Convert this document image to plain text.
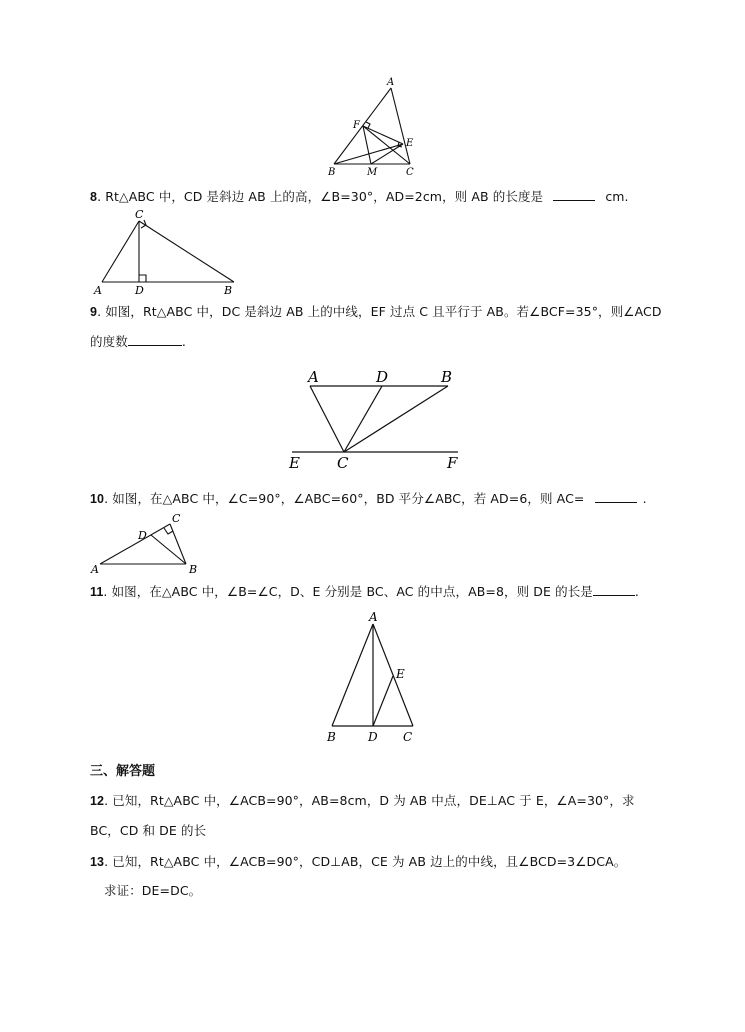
A
F
E
B	M	C
8. Rt△ABC 中，CD 是斜边 AB 上的高，∠B=30°，AD=2cm，则 AB 的长度是	cm.
C
A	D	B
9. 如图，Rt△ABC 中，DC 是斜边 AB 上的中线，EF 过点 C 且平行于 AB。若∠BCF=35°，则∠ACD
的度数	.
A	D	B
E C	F
10. 如图，在△ABC 中，∠C=90°，∠ABC=60°，BD 平分∠ABC，若 AD=6，则 AC=	.
C
D
A	B
11. 如图，在△ABC 中，∠B=∠C，D、E 分别是 BC、AC 的中点，AB=8，则 DE 的长是	.
A
E
B	D C
三、解答题
12. 已知，Rt△ABC 中，∠ACB=90°，AB=8cm，D 为 AB 中点，DE⊥AC 于 E，∠A=30°，求
BC，CD 和 DE 的长
13. 已知，Rt△ABC 中，∠ACB=90°，CD⊥AB，CE 为 AB 边上的中线，且∠BCD=3∠DCA。
求证：DE=DC。
